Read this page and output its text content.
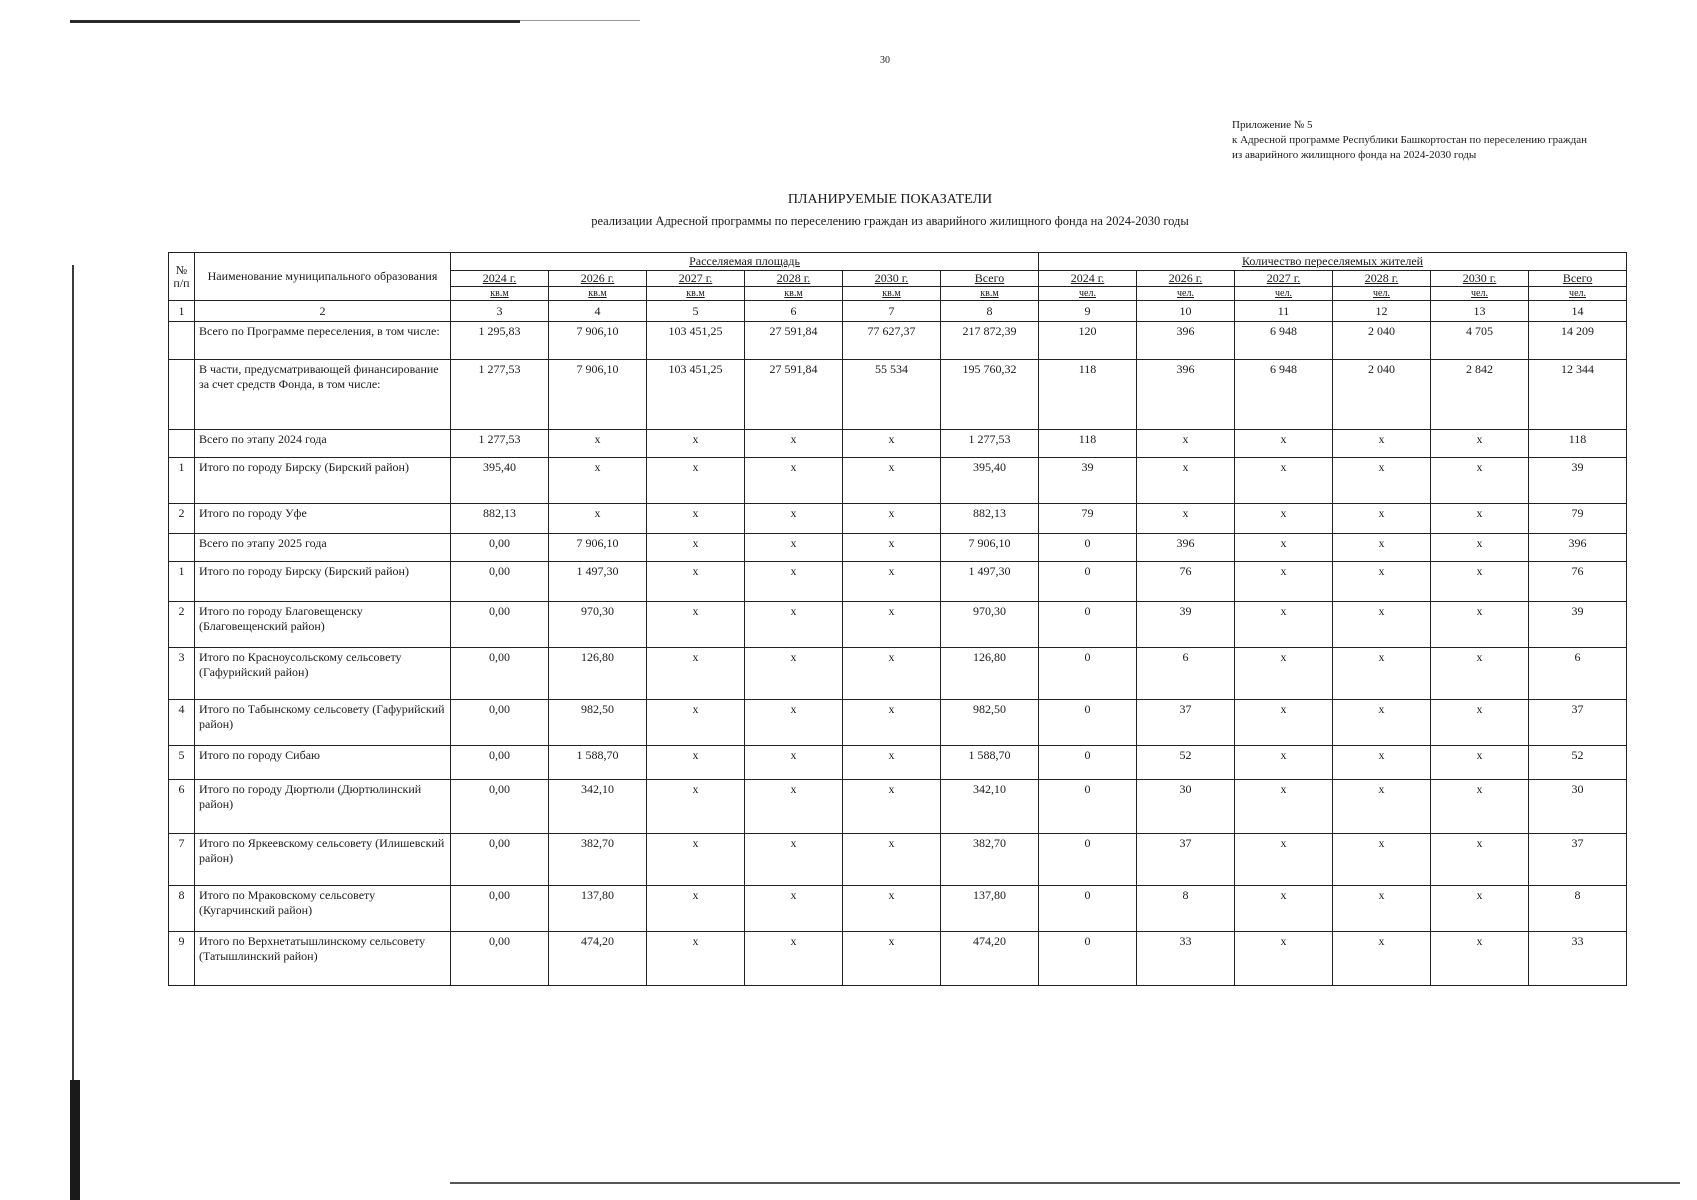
30
Приложение № 5
к Адресной программе Республики Башкортостан по переселению граждан
из аварийного жилищного фонда на 2024-2030 годы
ПЛАНИРУЕМЫЕ ПОКАЗАТЕЛИ
реализации Адресной программы по переселению граждан из аварийного жилищного фонда на 2024-2030 годы
№ п/п	Наименование муниципального образования	Расселяемая площадь						Количество переселяемых жителей					
		2024 г.	2026 г.	2027 г.	2028 г.	2030 г.	Всего	2024 г.	2026 г.	2027 г.	2028 г.	2030 г.	Всего
		кв.м	кв.м	кв.м	кв.м	кв.м	кв.м	чел.	чел.	чел.	чел.	чел.	чел.
1	2	3	4	5	6	7	8	9	10	11	12	13	14
	Всего по Программе переселения, в том числе:	1 295,83	7 906,10	103 451,25	27 591,84	77 627,37	217 872,39	120	396	6 948	2 040	4 705	14 209
	В части, предусматривающей финансирование за счет средств Фонда, в том числе:	1 277,53	7 906,10	103 451,25	27 591,84	55 534	195 760,32	118	396	6 948	2 040	2 842	12 344
	Всего по этапу 2024 года	1 277,53	x	x	x	x	1 277,53	118	x	x	x	x	118
1	Итого по городу Бирску (Бирский район)	395,40	x	x	x	x	395,40	39	x	x	x	x	39
2	Итого по городу Уфе	882,13	x	x	x	x	882,13	79	x	x	x	x	79
	Всего по этапу 2025 года	0,00	7 906,10	x	x	x	7 906,10	0	396	x	x	x	396
1	Итого по городу Бирску (Бирский район)	0,00	1 497,30	x	x	x	1 497,30	0	76	x	x	x	76
2	Итого по городу Благовещенску (Благовещенский район)	0,00	970,30	x	x	x	970,30	0	39	x	x	x	39
3	Итого по Красноусольскому сельсовету (Гафурийский район)	0,00	126,80	x	x	x	126,80	0	6	x	x	x	6
4	Итого по Табынскому сельсовету (Гафурийский район)	0,00	982,50	x	x	x	982,50	0	37	x	x	x	37
5	Итого по городу Сибаю	0,00	1 588,70	x	x	x	1 588,70	0	52	x	x	x	52
6	Итого по городу Дюртюли (Дюртюлинский район)	0,00	342,10	x	x	x	342,10	0	30	x	x	x	30
7	Итого по Яркеевскому сельсовету (Илишевский район)	0,00	382,70	x	x	x	382,70	0	37	x	x	x	37
8	Итого по Мраковскому сельсовету (Кугарчинский район)	0,00	137,80	x	x	x	137,80	0	8	x	x	x	8
9	Итого по Верхнетатышлинскому сельсовету (Татышлинский район)	0,00	474,20	x	x	x	474,20	0	33	x	x	x	33
